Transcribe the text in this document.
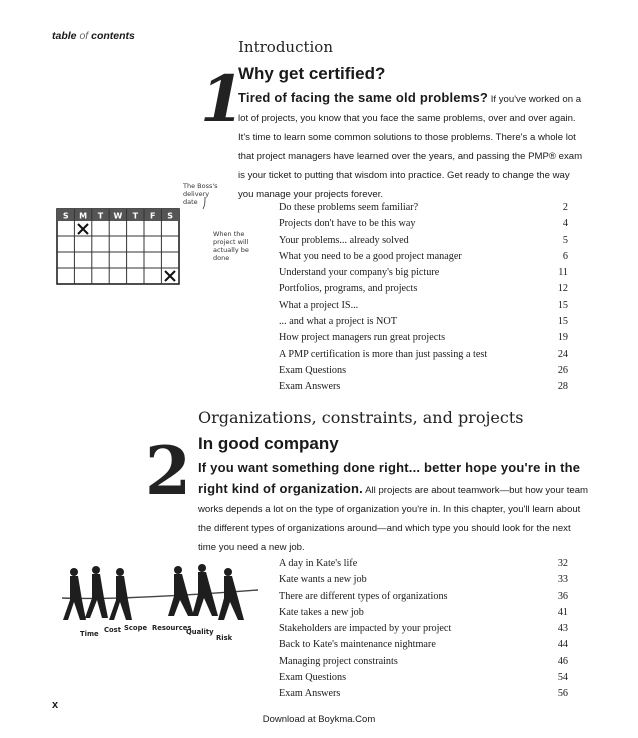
table of contents
1
Introduction
Why get certified?
Tired of facing the same old problems? If you've worked on a lot of projects, you know that you face the same problems, over and over again. It's time to learn some common solutions to those problems. There's a whole lot that project managers have learned over the years, and passing the PMP® exam is your ticket to putting that wisdom into practice. Get ready to change the way you manage your projects forever.
The Boss's delivery date
S M T W T F S
When the project will actually be done
Do these problems seem familiar?	2
Projects don't have to be this way	4
Your problems... already solved	5
What you need to be a good project manager	6
Understand your company's big picture	11
Portfolios, programs, and projects	12
What a project IS...	15
... and what a project is NOT	15
How project managers run great projects	19
A PMP certification is more than just passing a test	24
Exam Questions	26
Exam Answers	28
2
Organizations, constraints, and projects
In good company
If you want something done right... better hope you're in the right kind of organization. All projects are about teamwork—but how your team works depends a lot on the type of organization you're in. In this chapter, you'll learn about the different types of organizations around—and which type you should look for the next time you need a new job.
Time Cost Scope Resources
Quality
Risk
A day in Kate's life	32
Kate wants a new job	33
There are different types of organizations	36
Kate takes a new job	41
Stakeholders are impacted by your project	43
Back to Kate's maintenance nightmare	44
Managing project constraints	46
Exam Questions	54
Exam Answers	56
x
Download at Boykma.Com
